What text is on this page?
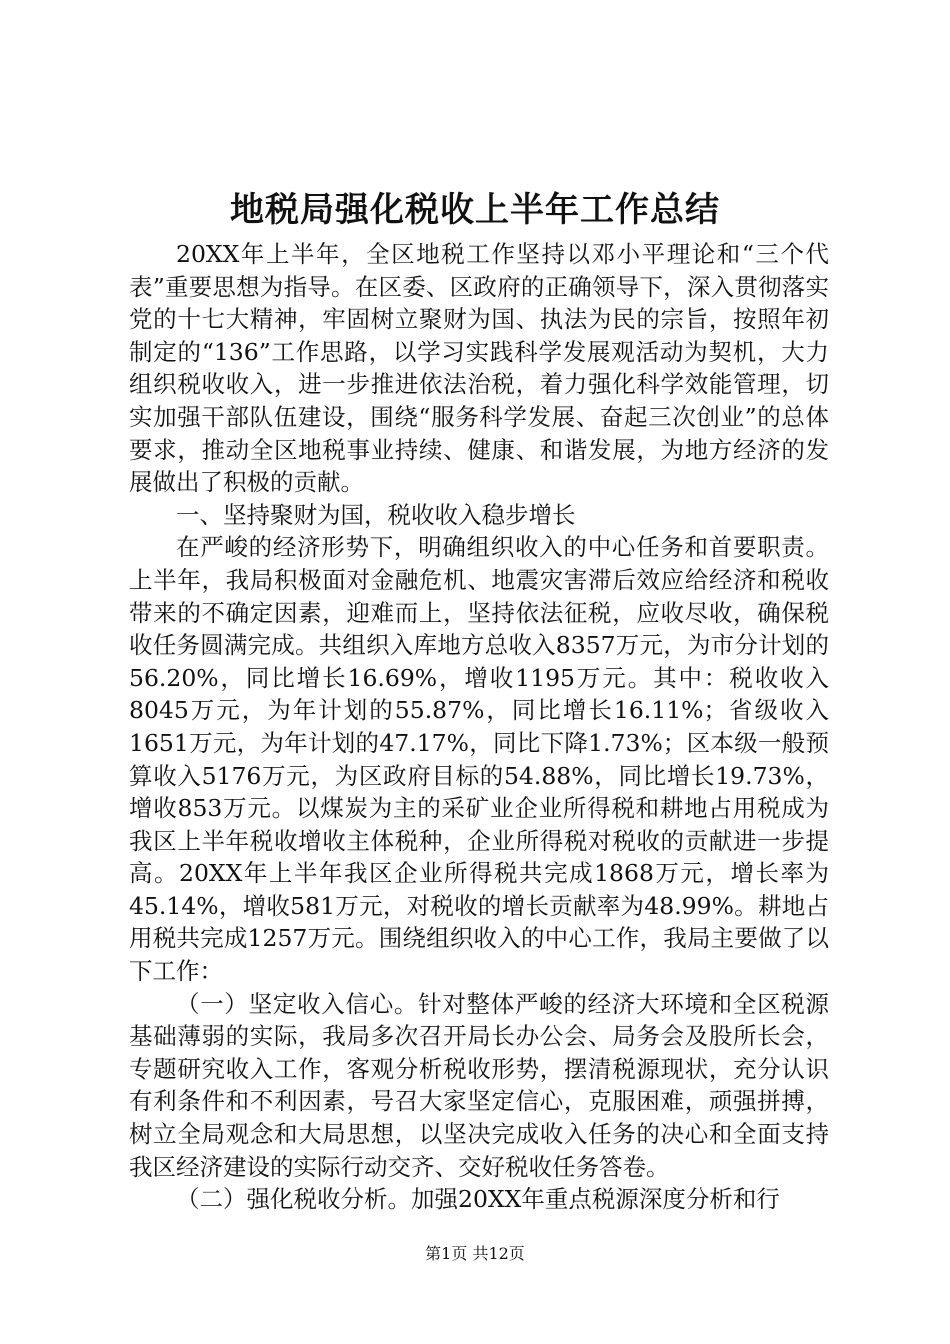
地税局强化税收上半年工作总结

20XX年上半年，全区地税工作坚持以邓小平理论和“三个代表”重要思想为指导。在区委、区政府的正确领导下，深入贯彻落实党的十七大精神，牢固树立聚财为国、执法为民的宗旨，按照年初制定的“136”工作思路，以学习实践科学发展观活动为契机，大力组织税收收入，进一步推进依法治税，着力强化科学效能管理，切实加强干部队伍建设，围绕“服务科学发展、奋起三次创业”的总体要求，推动全区地税事业持续、健康、和谐发展，为地方经济的发展做出了积极的贡献。

一、坚持聚财为国，税收收入稳步增长

在严峻的经济形势下，明确组织收入的中心任务和首要职责。上半年，我局积极面对金融危机、地震灾害滞后效应给经济和税收带来的不确定因素，迎难而上，坚持依法征税，应收尽收，确保税收任务圆满完成。共组织入库地方总收入8357万元，为市分计划的56.20%，同比增长16.69%，增收1195万元。其中：税收收入8045万元，为年计划的55.87%，同比增长16.11%；省级收入1651万元，为年计划的47.17%，同比下降1.73%；区本级一般预算收入5176万元，为区政府目标的54.88%，同比增长19.73%，增收853万元。以煤炭为主的采矿业企业所得税和耕地占用税成为我区上半年税收增收主体税种，企业所得税对税收的贡献进一步提高。20XX年上半年我区企业所得税共完成1868万元，增长率为45.14%，增收581万元，对税收的增长贡献率为48.99%。耕地占用税共完成1257万元。围绕组织收入的中心工作，我局主要做了以下工作：

（一）坚定收入信心。针对整体严峻的经济大环境和全区税源基础薄弱的实际，我局多次召开局长办公会、局务会及股所长会，专题研究收入工作，客观分析税收形势，摆清税源现状，充分认识有利条件和不利因素，号召大家坚定信心，克服困难，顽强拼搏，树立全局观念和大局思想，以坚决完成收入任务的决心和全面支持我区经济建设的实际行动交齐、交好税收任务答卷。

（二）强化税收分析。加强20XX年重点税源深度分析和行

第1页 共12页
